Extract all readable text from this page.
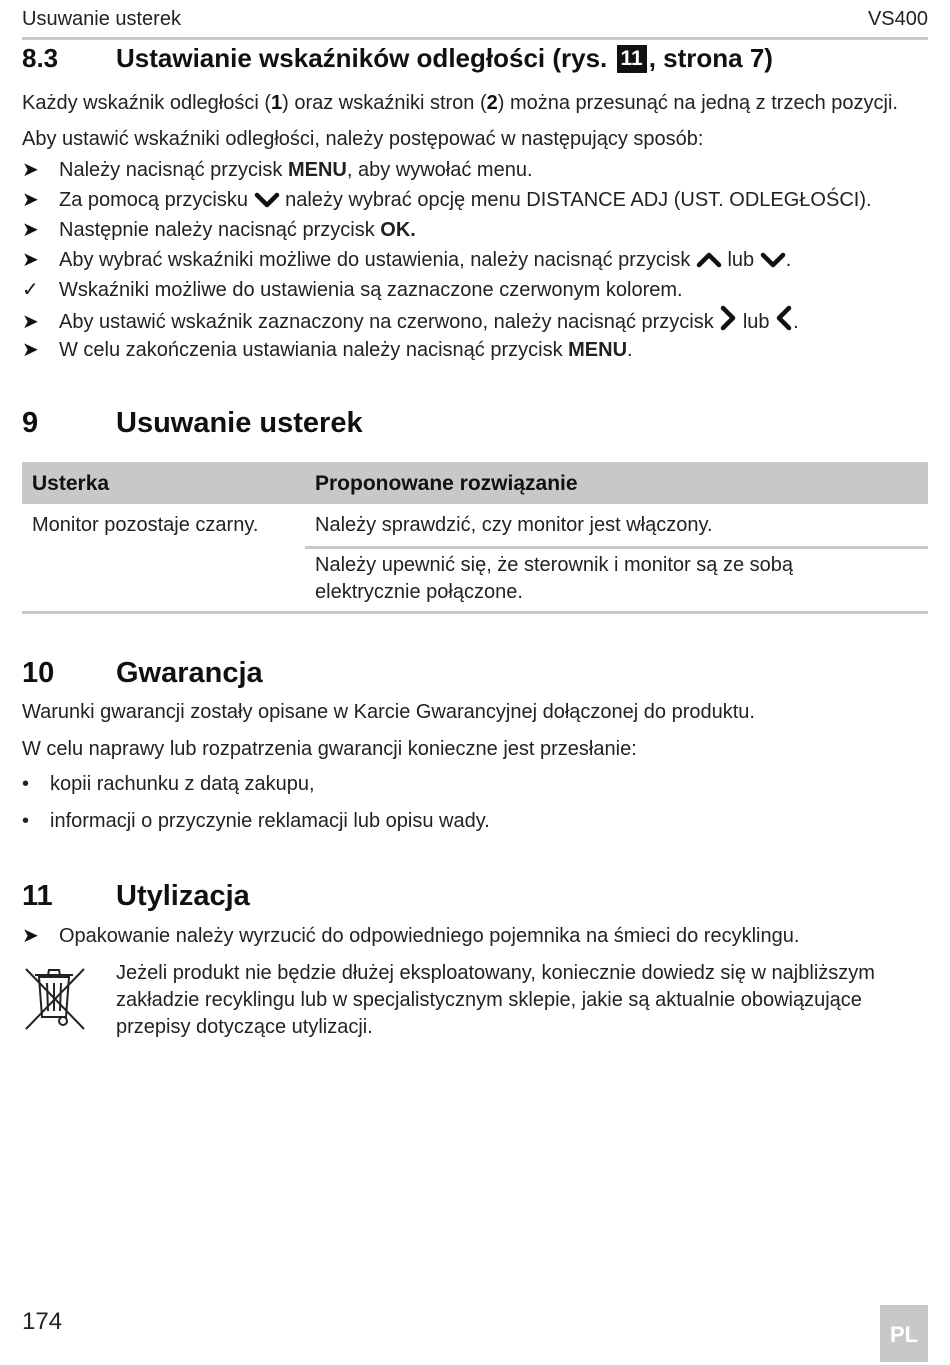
Usuwanie usterek	VS400
8.3 Ustawianie wskaźników odległości (rys. 11 , strona 7)
Każdy wskaźnik odległości (1) oraz wskaźniki stron (2) można przesunąć na jedną z trzech pozycji.
Aby ustawić wskaźniki odległości, należy postępować w następujący sposób:
➤ Należy nacisnąć przycisk MENU, aby wywołać menu.
➤ Za pomocą przycisku  należy wybrać opcję menu DISTANCE ADJ (UST. ODLEGŁOŚCI).
➤ Następnie należy nacisnąć przycisk OK.
➤ Aby wybrać wskaźniki możliwe do ustawienia, należy nacisnąć przycisk  lub .
✓ Wskaźniki możliwe do ustawienia są zaznaczone czerwonym kolorem.
➤ Aby ustawić wskaźnik zaznaczony na czerwono, należy nacisnąć przycisk  lub .
➤ W celu zakończenia ustawiania należy nacisnąć przycisk MENU.
9	Usuwanie usterek
Usterka	Proponowane rozwiązanie
Monitor pozostaje czarny.	Należy sprawdzić, czy monitor jest włączony.
Należy upewnić się, że sterownik i monitor są ze sobą
elektrycznie połączone.
10 Gwarancja
Warunki gwarancji zostały opisane w Karcie Gwarancyjnej dołączonej do produktu.
W celu naprawy lub rozpatrzenia gwarancji konieczne jest przesłanie:
• kopii rachunku z datą zakupu,
• informacji o przyczynie reklamacji lub opisu wady.
11 Utylizacja
➤ Opakowanie należy wyrzucić do odpowiedniego pojemnika na śmieci do recyklingu.
Jeżeli produkt nie będzie dłużej eksploatowany, koniecznie dowiedz się w najbliższym
zakładzie recyklingu lub w specjalistycznym sklepie, jakie są aktualnie obowiązujące
przepisy dotyczące utylizacji.
174	PL
